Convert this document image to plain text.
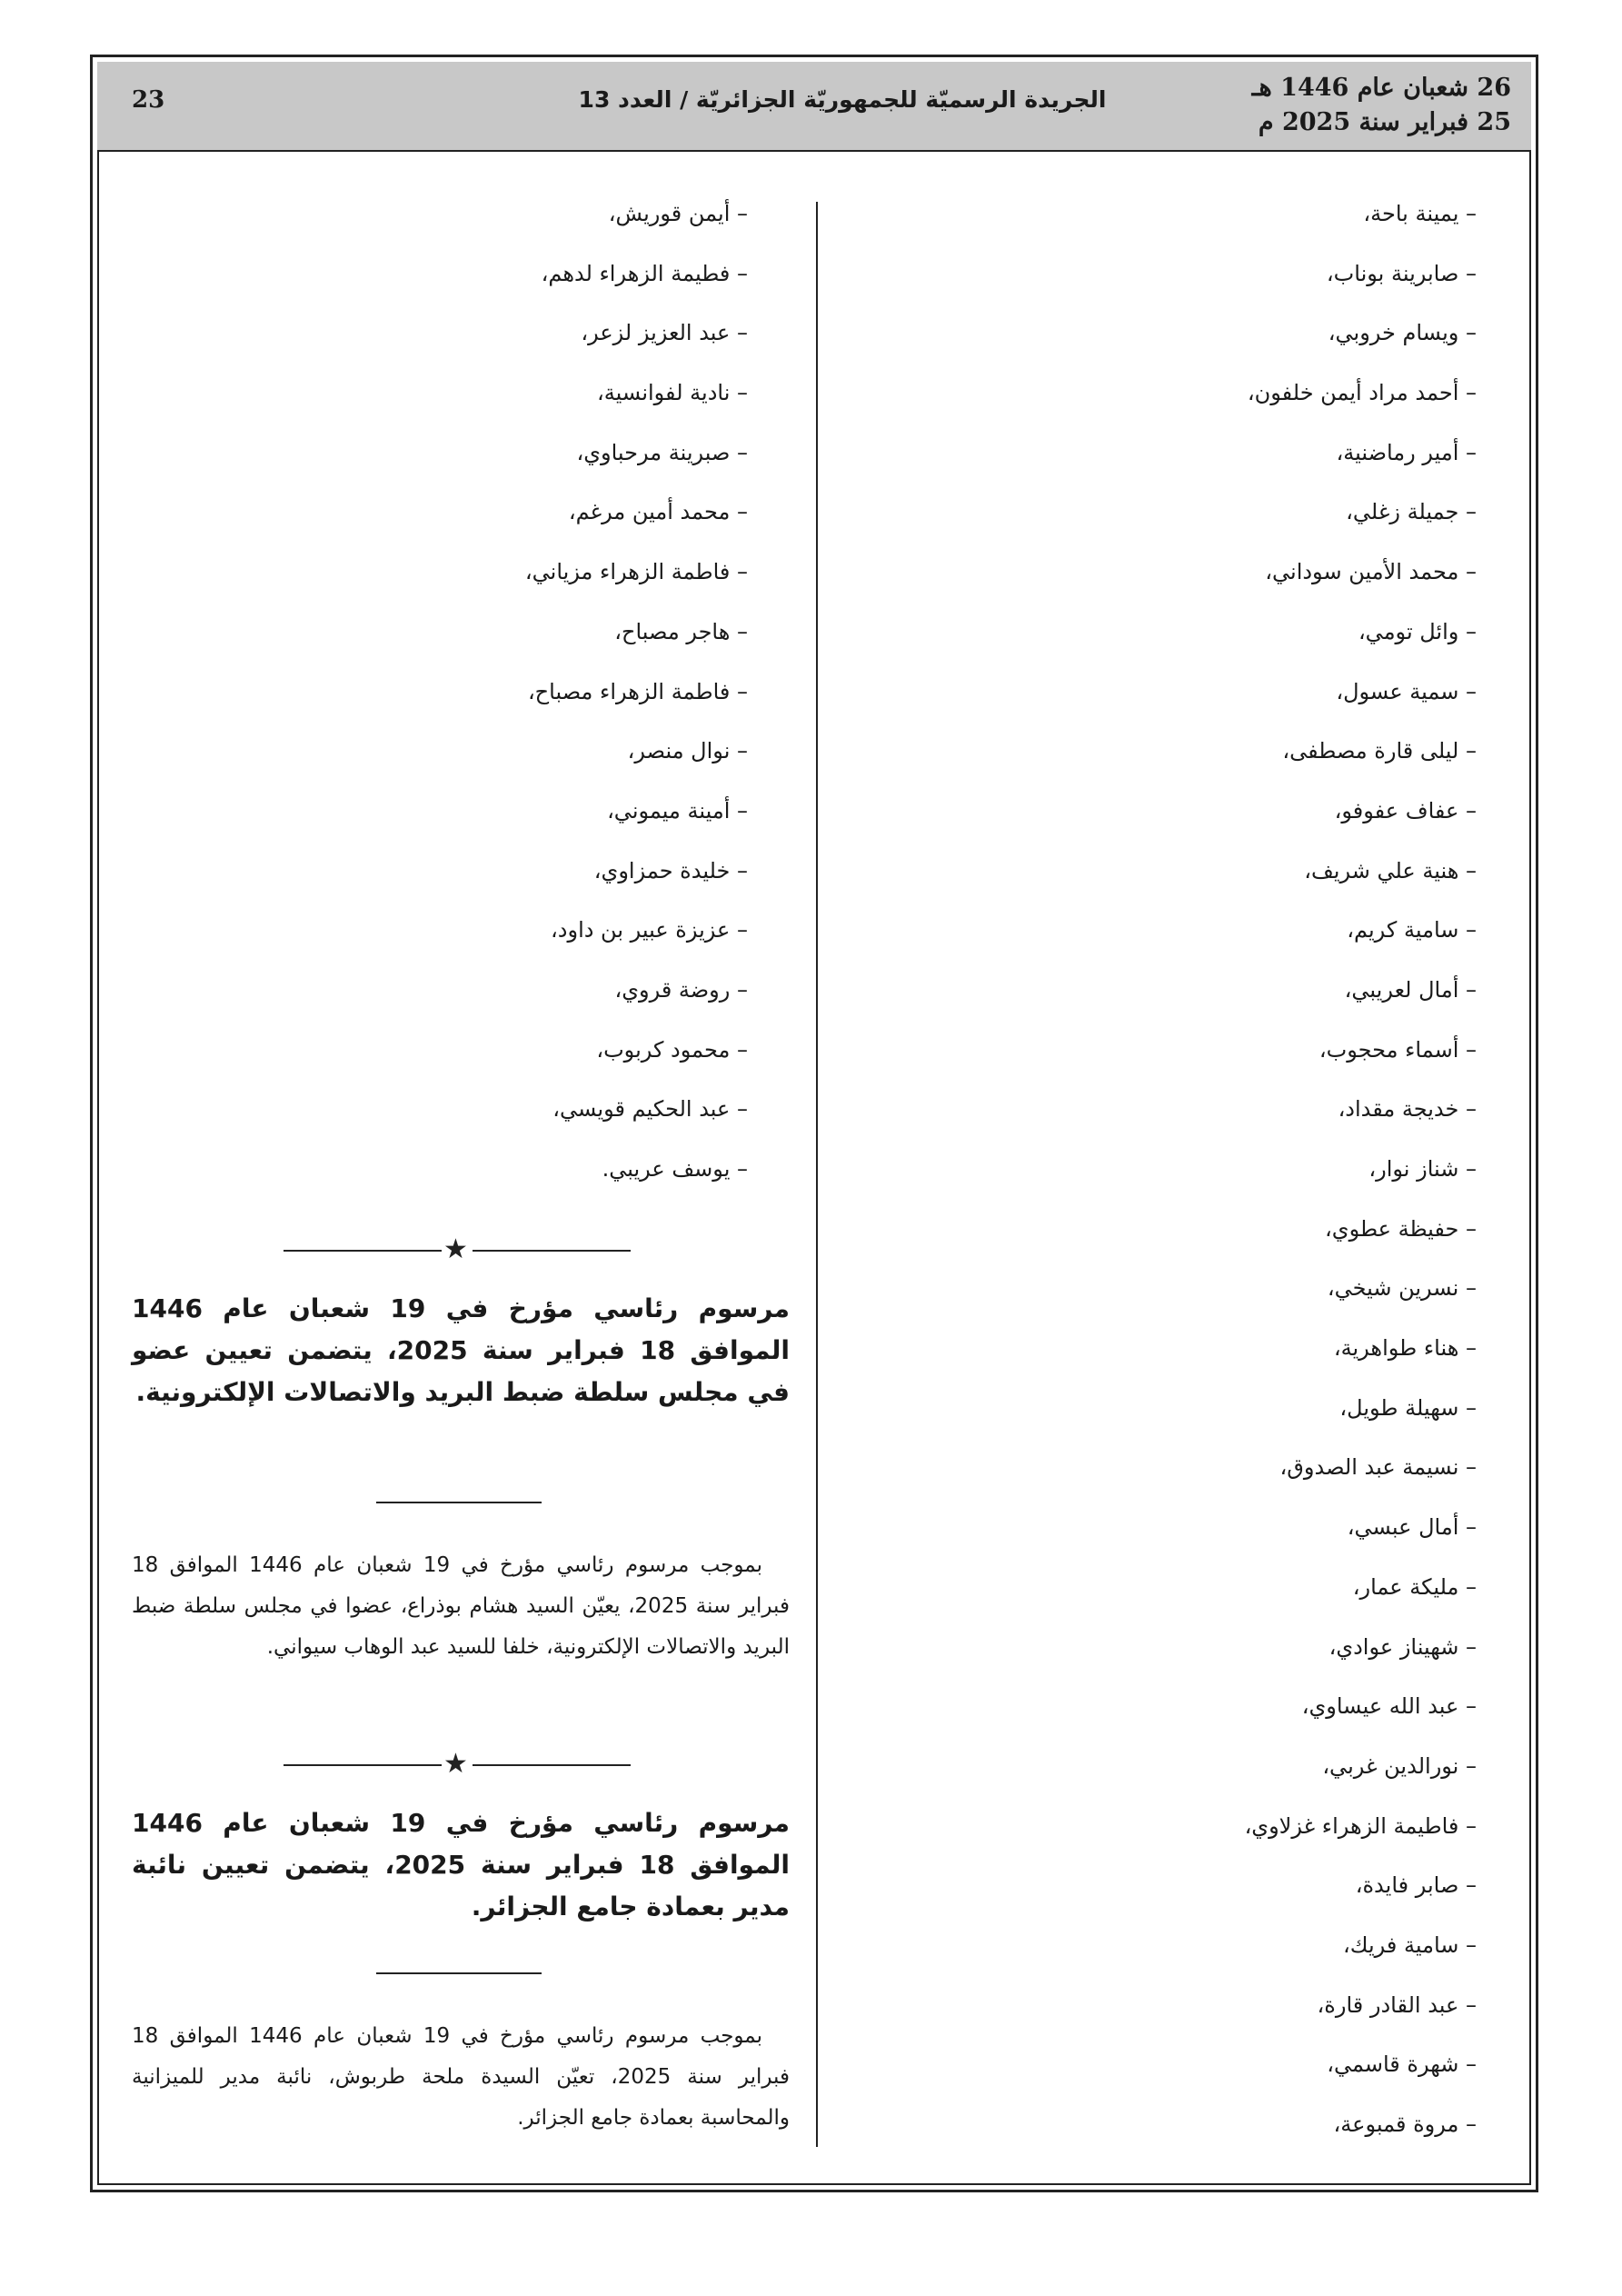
26 شعبان عام 1446 هـ
25 فبراير سنة 2025 م
الجريدة الرسميّة للجمهوريّة الجزائريّة / العدد 13
23
– يمينة باحة،
– صابرينة بوناب،
– ويسام خروبي،
– أحمد مراد أيمن خلفون،
– أمير رماضنية،
– جميلة زغلي،
– محمد الأمين سوداني،
– وائل تومي،
– سمية عسول،
– ليلى قارة مصطفى،
– عفاف عفوفو،
– هنية علي شريف،
– سامية كريم،
– أمال لعريبي،
– أسماء محجوب،
– خديجة مقداد،
– شناز نوار،
– حفيظة عطوي،
– نسرين شيخي،
– هناء طواهرية،
– سهيلة طويل،
– نسيمة عبد الصدوق،
– أمال عبسي،
– مليكة عمار،
– شهيناز عوادي،
– عبد الله عيساوي،
– نورالدين غربي،
– فاطيمة الزهراء غزلاوي،
– صابر فايدة،
– سامية فريك،
– عبد القادر قارة،
– شهرة قاسمي،
– مروة قمبوعة،
– أيمن قوريش،
– فطيمة الزهراء لدهم،
– عبد العزيز لزعر،
– نادية لفوانسية،
– صبرينة مرحباوي،
– محمد أمين مرغم،
– فاطمة الزهراء مزياني،
– هاجر مصباح،
– فاطمة الزهراء مصباح،
– نوال منصر،
– أمينة ميموني،
– خليدة حمزاوي،
– عزيزة عبير بن داود،
– روضة قروي،
– محمود كربوب،
– عبد الحكيم قويسي،
– يوسف عريبي.
★
مرسوم رئاسي مؤرخ في 19 شعبان عام 1446 الموافق 18 فبراير سنة 2025، يتضمن تعيين عضو في مجلس سلطة ضبط البريد والاتصالات الإلكترونية.
بموجب مرسوم رئاسي مؤرخ في 19 شعبان عام 1446 الموافق 18 فبراير سنة 2025، يعيّن السيد هشام بوذراع، عضوا في مجلس سلطة ضبط البريد والاتصالات الإلكترونية، خلفا للسيد عبد الوهاب سيواني.
★
مرسوم رئاسي مؤرخ في 19 شعبان عام 1446 الموافق 18 فبراير سنة 2025، يتضمن تعيين نائبة مدير بعمادة جامع الجزائر.
بموجب مرسوم رئاسي مؤرخ في 19 شعبان عام 1446 الموافق 18 فبراير سنة 2025، تعيّن السيدة ملحة طربوش، نائبة مدير للميزانية والمحاسبة بعمادة جامع الجزائر.
